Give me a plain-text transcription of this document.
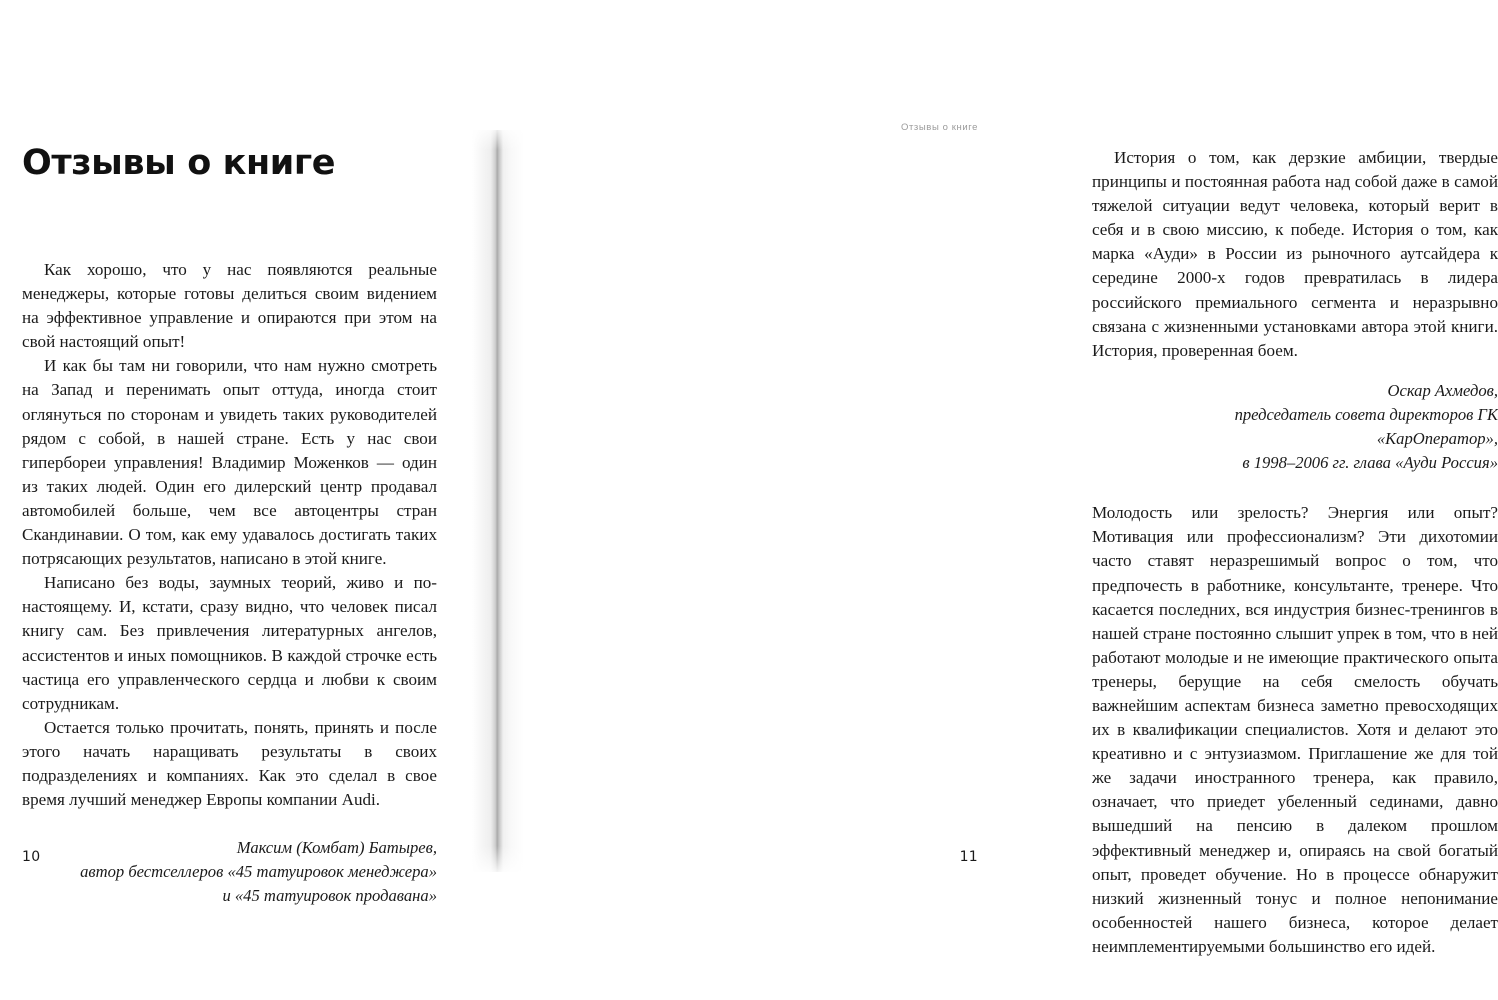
Отзывы о книге

Как хорошо, что у нас появляются реальные менеджеры, которые готовы делиться своим видением на эффективное управление и опираются при этом на свой настоящий опыт!

И как бы там ни говорили, что нам нужно смотреть на Запад и перенимать опыт оттуда, иногда стоит оглянуться по сторонам и увидеть таких руководителей рядом с собой, в нашей стране. Есть у нас свои гипербореи управления! Владимир Моженков — один из таких людей. Один его дилерский центр продавал автомобилей больше, чем все автоцентры стран Скандинавии. О том, как ему удавалось достигать таких потрясающих результатов, написано в этой книге.

Написано без воды, заумных теорий, живо и по-настоящему. И, кстати, сразу видно, что человек писал книгу сам. Без привлечения литературных ангелов, ассистентов и иных помощников. В каждой строчке есть частица его управленческого сердца и любви к своим сотрудникам.

Остается только прочитать, понять, принять и после этого начать наращивать результаты в своих подразделениях и компаниях. Как это сделал в свое время лучший менеджер Европы компании Audi.

Максим (Комбат) Батырев,

автор бестселлеров «45 татуировок менеджера»

и «45 татуировок продавана»

10
Отзывы о книге

История о том, как дерзкие амбиции, твердые принципы и постоянная работа над собой даже в самой тяжелой ситуации ведут человека, который верит в себя и в свою миссию, к победе. История о том, как марка «Ауди» в России из рыночного аутсайдера к середине 2000-х годов превратилась в лидера российского премиального сегмента и неразрывно связана с жизненными установками автора этой книги. История, проверенная боем.

Оскар Ахмедов,

председатель совета директоров ГК «КарОператор»,

в 1998–2006 гг. глава «Ауди Россия»

Молодость или зрелость? Энергия или опыт? Мотивация или профессионализм? Эти дихотомии часто ставят неразрешимый вопрос о том, что предпочесть в работнике, консультанте, тренере. Что касается последних, вся индустрия бизнес-тренингов в нашей стране постоянно слышит упрек в том, что в ней работают молодые и не имеющие практического опыта тренеры, берущие на себя смелость обучать важнейшим аспектам бизнеса заметно превосходящих их в квалификации специалистов. Хотя и делают это креативно и с энтузиазмом. Приглашение же для той же задачи иностранного тренера, как правило, означает, что приедет убеленный сединами, давно вышедший на пенсию в далеком прошлом эффективный менеджер и, опираясь на свой богатый опыт, проведет обучение. Но в процессе обнаружит низкий жизненный тонус и полное непонимание особенностей нашего бизнеса, которое делает неимплементируемыми большинство его идей.

11
